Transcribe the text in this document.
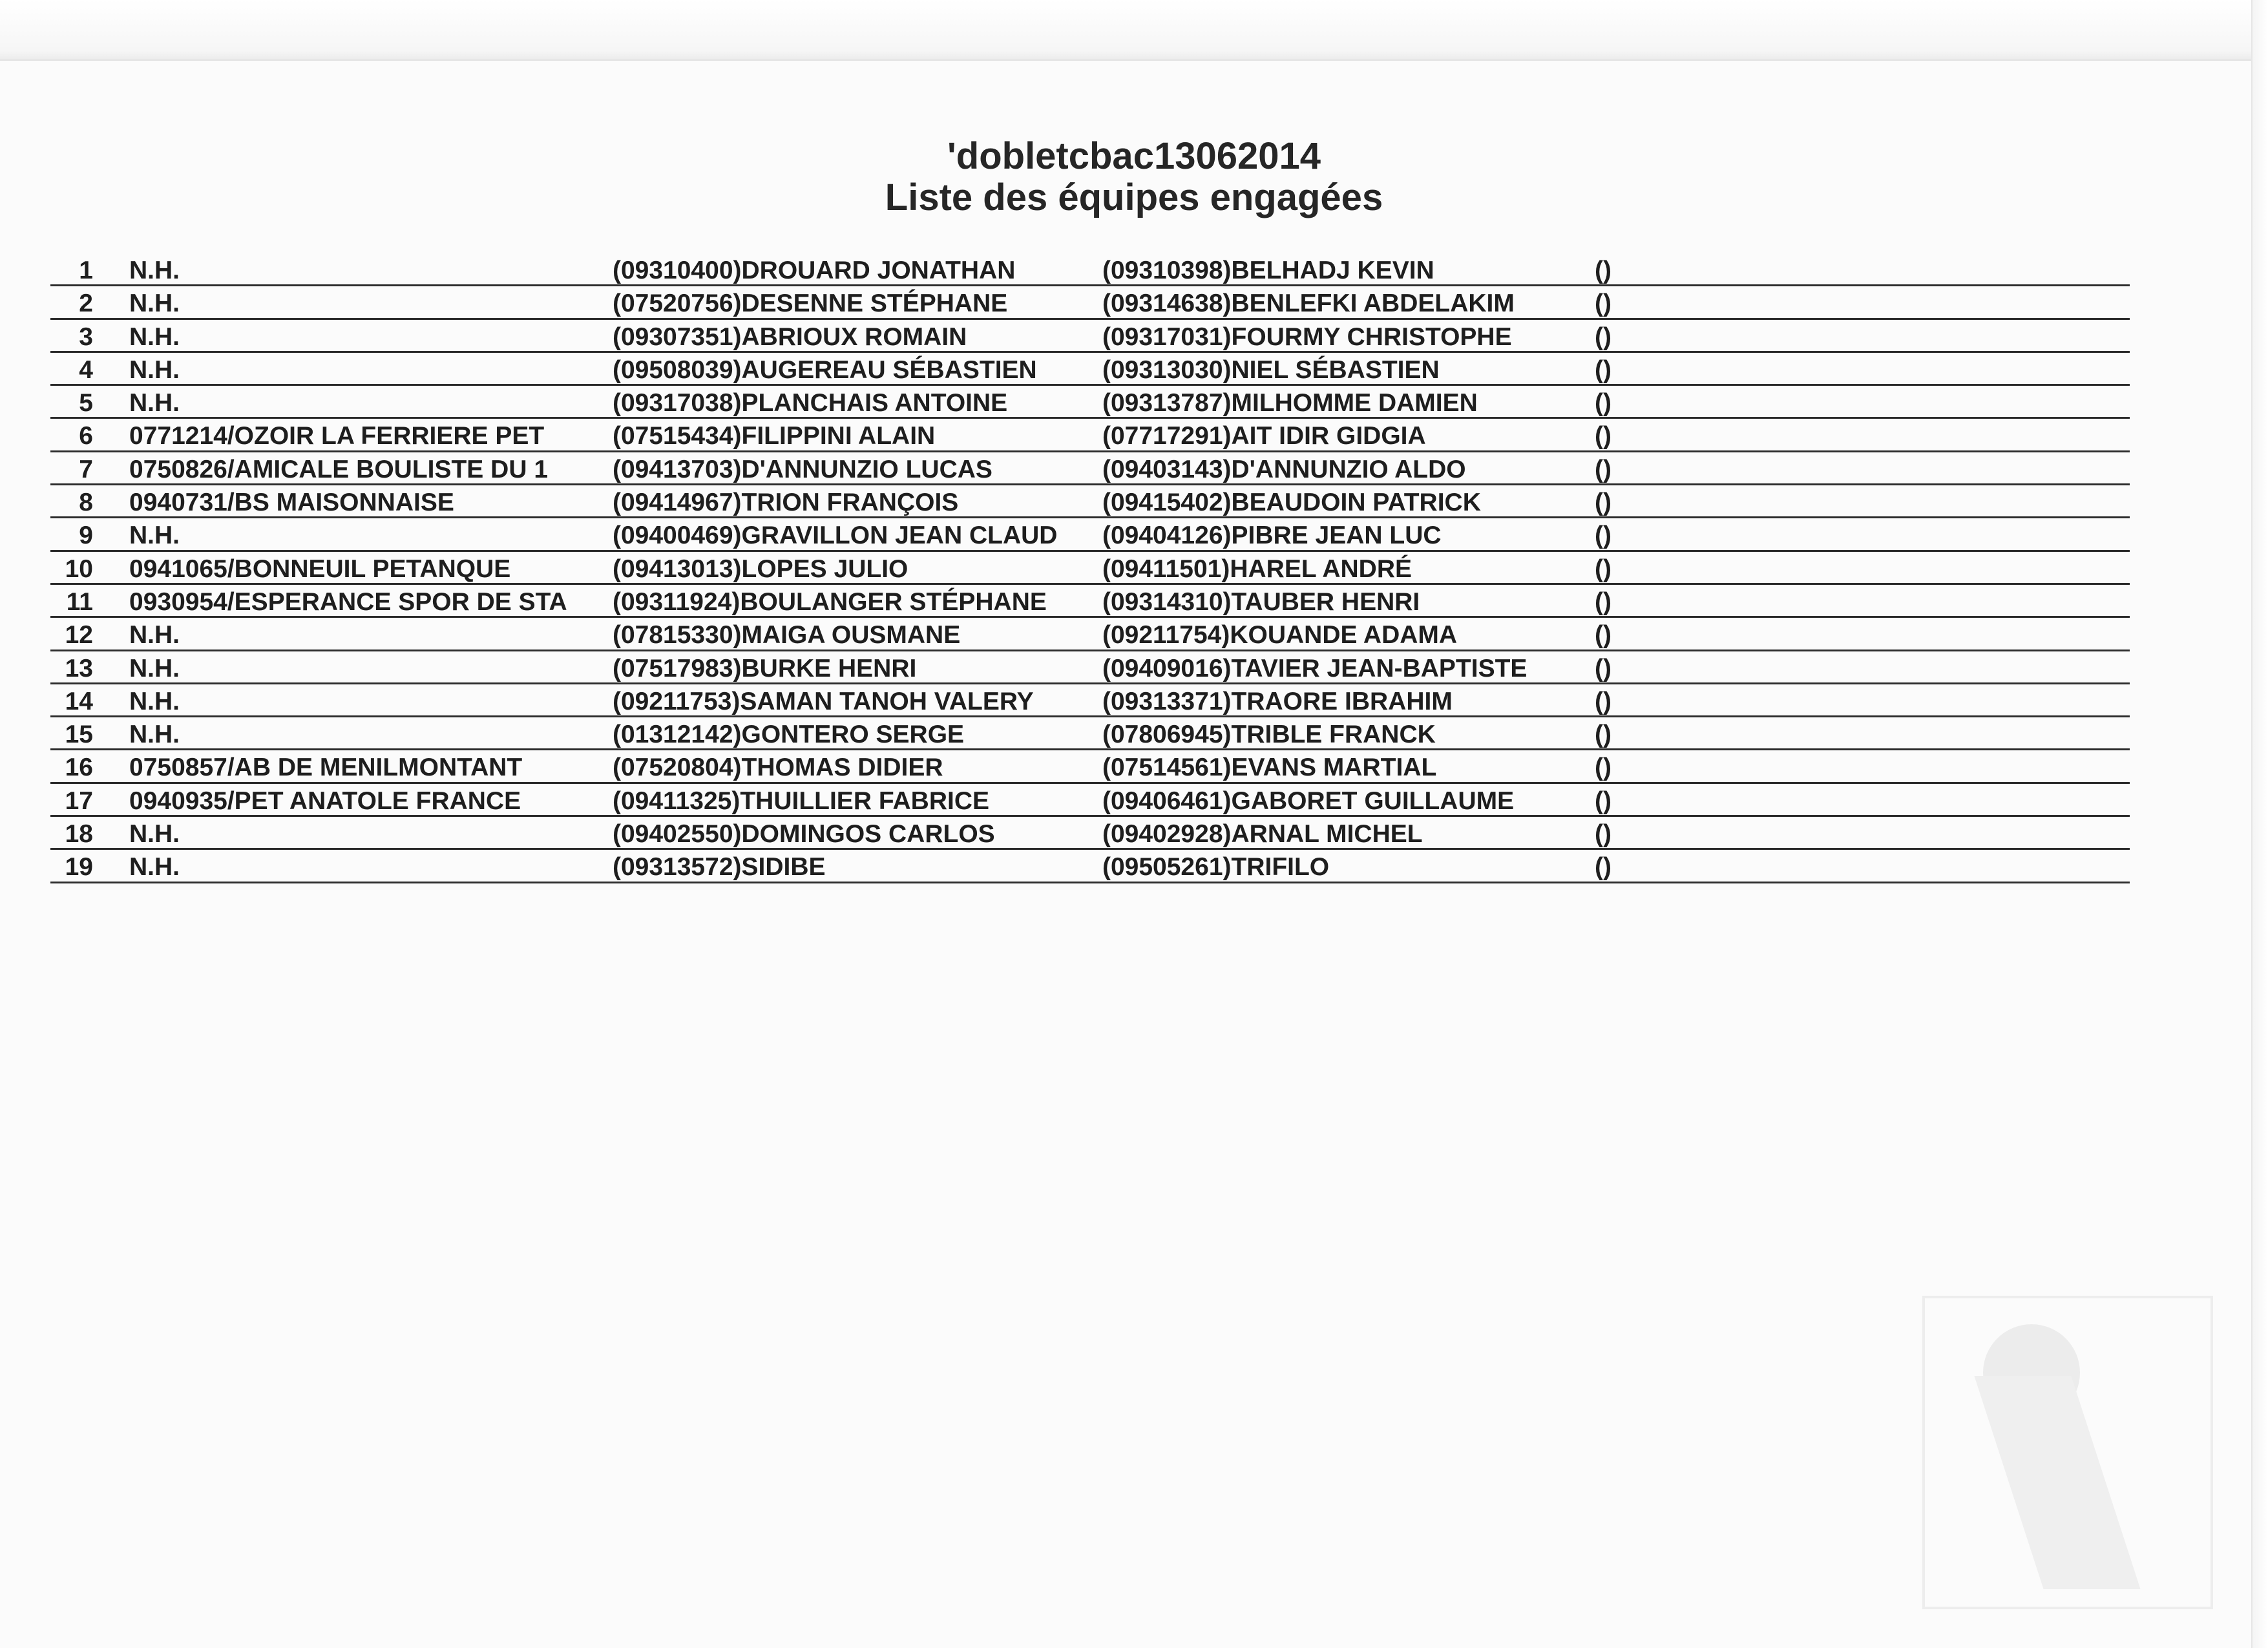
'dobletcbac13062014
Liste des équipes engagées
1 N.H.	(09310400)DROUARD JONATHAN	(09310398)BELHADJ KEVIN	()
2 N.H.	(07520756)DESENNE STÉPHANE	(09314638)BENLEFKI ABDELAKIM	()
3 N.H.	(09307351)ABRIOUX ROMAIN	(09317031)FOURMY CHRISTOPHE	()
4 N.H.	(09508039)AUGEREAU SÉBASTIEN	(09313030)NIEL SÉBASTIEN	()
5 N.H.	(09317038)PLANCHAIS ANTOINE	(09313787)MILHOMME DAMIEN	()
6 0771214/OZOIR LA FERRIERE PET	(07515434)FILIPPINI ALAIN	(07717291)AIT IDIR GIDGIA	()
7 0750826/AMICALE BOULISTE DU 1	(09413703)D'ANNUNZIO LUCAS	(09403143)D'ANNUNZIO ALDO	()
8 0940731/BS MAISONNAISE	(09414967)TRION FRANÇOIS	(09415402)BEAUDOIN PATRICK	()
9 N.H.	(09400469)GRAVILLON JEAN CLAUD	(09404126)PIBRE JEAN LUC	()
10 0941065/BONNEUIL PETANQUE	(09413013)LOPES JULIO	(09411501)HAREL ANDRÉ	()
11 0930954/ESPERANCE SPOR DE STA	(09311924)BOULANGER STÉPHANE	(09314310)TAUBER HENRI	()
12 N.H.	(07815330)MAIGA OUSMANE	(09211754)KOUANDE ADAMA	()
13 N.H.	(07517983)BURKE HENRI	(09409016)TAVIER JEAN-BAPTISTE	()
14 N.H.	(09211753)SAMAN TANOH VALERY	(09313371)TRAORE IBRAHIM	()
15 N.H.	(01312142)GONTERO SERGE	(07806945)TRIBLE FRANCK	()
16 0750857/AB DE MENILMONTANT	(07520804)THOMAS DIDIER	(07514561)EVANS MARTIAL	()
17 0940935/PET ANATOLE FRANCE	(09411325)THUILLIER FABRICE	(09406461)GABORET GUILLAUME	()
18 N.H.	(09402550)DOMINGOS CARLOS	(09402928)ARNAL MICHEL	()
19 N.H.	(09313572)SIDIBE	(09505261)TRIFILO	()
